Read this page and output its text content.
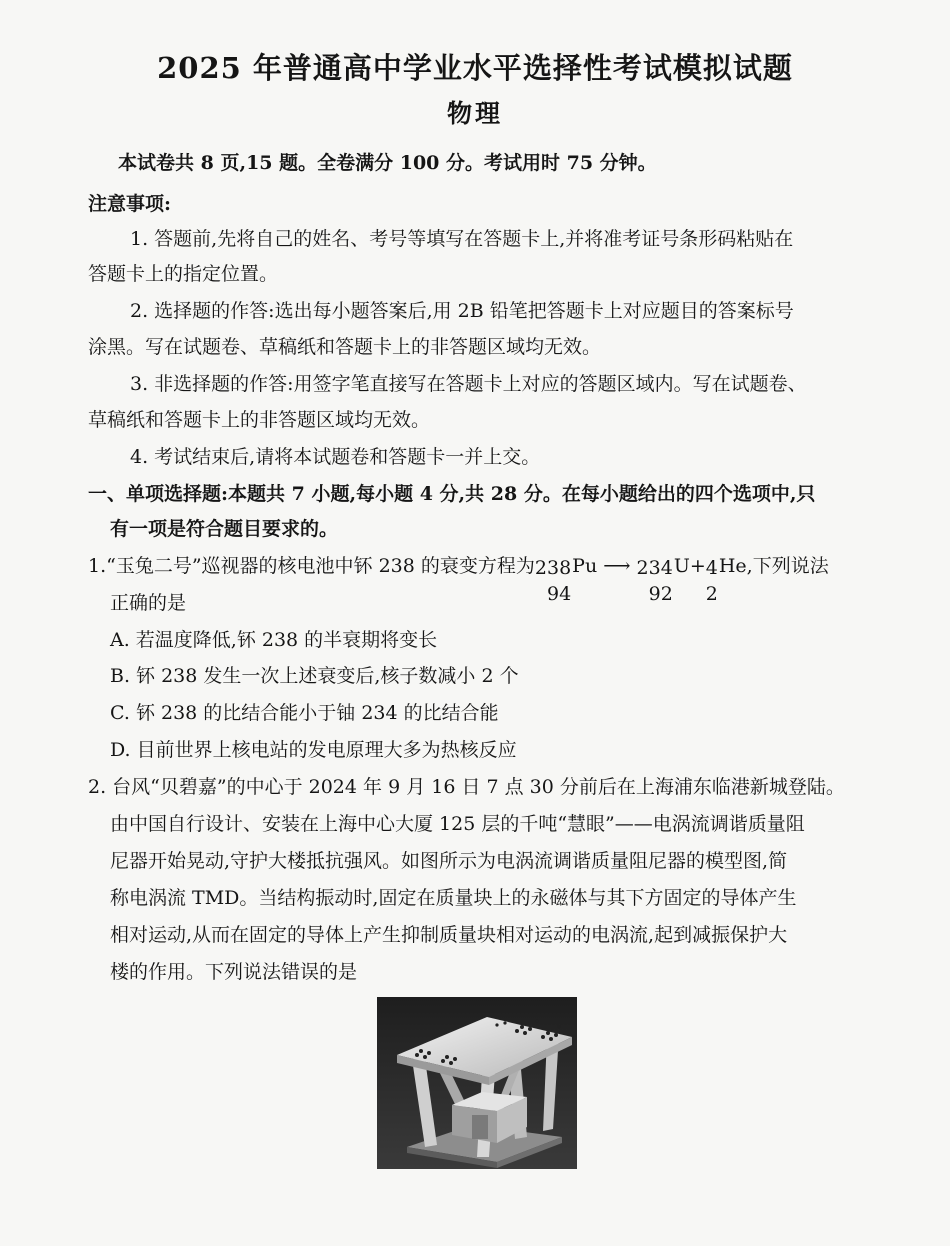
2025 年普通高中学业水平选择性考试模拟试题
物理
本试卷共 8 页,15 题。全卷满分 100 分。考试用时 75 分钟。
注意事项:
1. 答题前,先将自己的姓名、考号等填写在答题卡上,并将准考证号条形码粘贴在
答题卡上的指定位置。
2. 选择题的作答:选出每小题答案后,用 2B 铅笔把答题卡上对应题目的答案标号
涂黑。写在试题卷、草稿纸和答题卡上的非答题区域均无效。
3. 非选择题的作答:用签字笔直接写在答题卡上对应的答题区域内。写在试题卷、
草稿纸和答题卡上的非答题区域均无效。
4. 考试结束后,请将本试题卷和答题卡一并上交。
一、单项选择题:本题共 7 小题,每小题 4 分,共 28 分。在每小题给出的四个选项中,只
有一项是符合题目要求的。
1.“玉兔二号”巡视器的核电池中钚 238 的衰变方程为 238
94
Pu ⟶ 234
92
U+ 4
2
He,下列说法
正确的是
A. 若温度降低,钚 238 的半衰期将变长
B. 钚 238 发生一次上述衰变后,核子数减小 2 个
C. 钚 238 的比结合能小于铀 234 的比结合能
D. 目前世界上核电站的发电原理大多为热核反应
2. 台风“贝碧嘉”的中心于 2024 年 9 月 16 日 7 点 30 分前后在上海浦东临港新城登陆。
由中国自行设计、安装在上海中心大厦 125 层的千吨“慧眼”——电涡流调谐质量阻
尼器开始晃动,守护大楼抵抗强风。如图所示为电涡流调谐质量阻尼器的模型图,简
称电涡流 TMD。当结构振动时,固定在质量块上的永磁体与其下方固定的导体产生
相对运动,从而在固定的导体上产生抑制质量块相对运动的电涡流,起到减振保护大
楼的作用。下列说法错误的是
